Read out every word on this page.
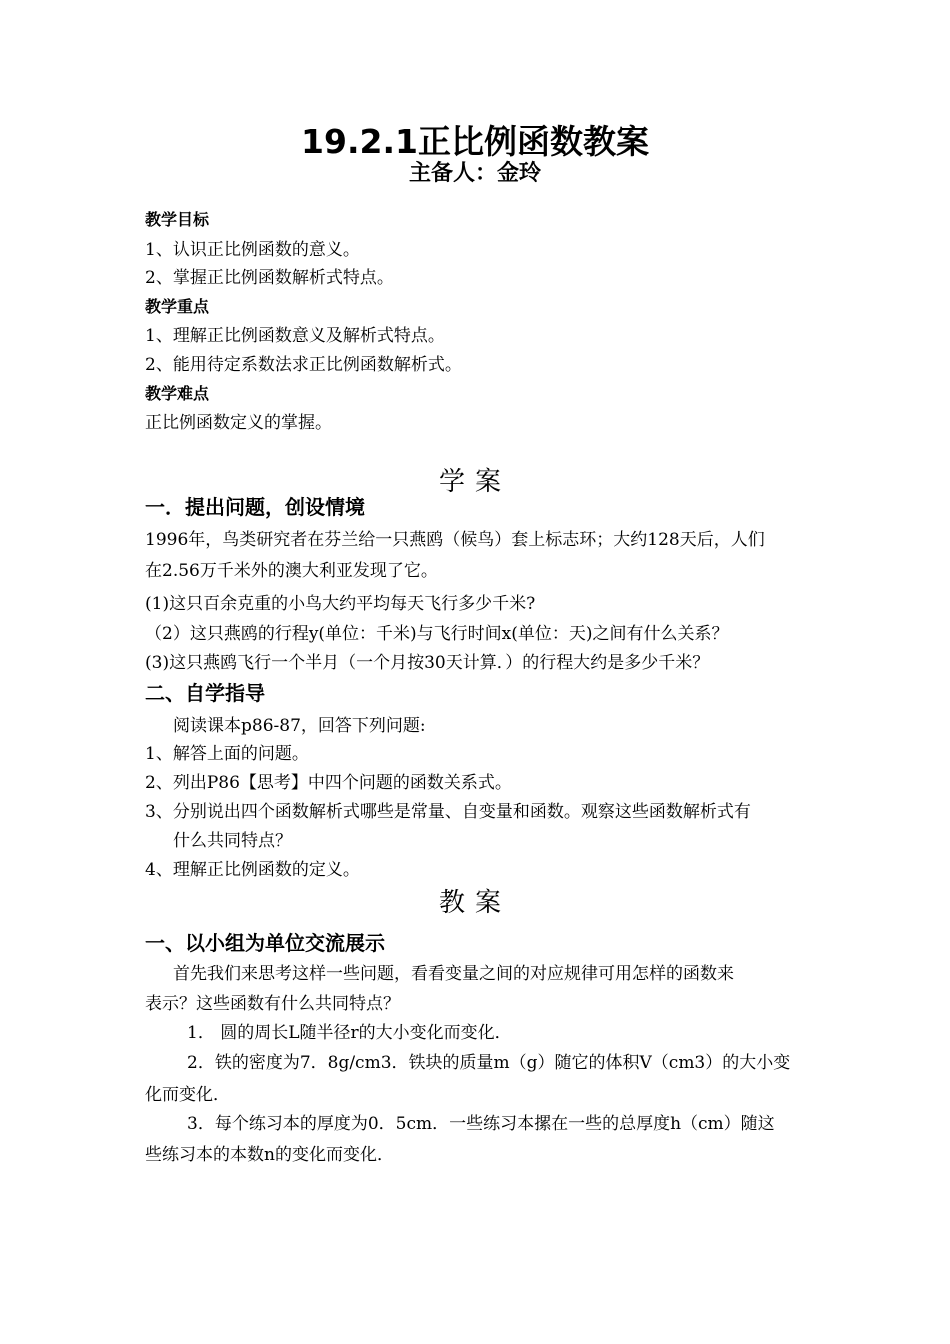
19.2.1正比例函数教案
主备人：金玲
教学目标
1、认识正比例函数的意义。
2、掌握正比例函数解析式特点。
教学重点
1、理解正比例函数意义及解析式特点。
2、能用待定系数法求正比例函数解析式。
教学难点
正比例函数定义的掌握。
学案
一．提出问题，创设情境
1996年，鸟类研究者在芬兰给一只燕鸥（候鸟）套上标志环；大约128天后，人们
在2.56万千米外的澳大利亚发现了它。
(1)这只百余克重的小鸟大约平均每天飞行多少千米?
（2）这只燕鸥的行程y(单位：千米)与飞行时间x(单位：天)之间有什么关系？
(3)这只燕鸥飞行一个半月（一个月按30天计算．）的行程大约是多少千米？
二、自学指导
阅读课本p86-87，回答下列问题:
1、解答上面的问题。
2、列出P86【思考】中四个问题的函数关系式。
3、分别说出四个函数解析式哪些是常量、自变量和函数。观察这些函数解析式有
什么共同特点？
4、理解正比例函数的定义。
教案
一、以小组为单位交流展示
首先我们来思考这样一些问题，看看变量之间的对应规律可用怎样的函数来
表示？这些函数有什么共同特点？
1． 圆的周长L随半径r的大小变化而变化．
2．铁的密度为7．8g/cm3．铁块的质量m（g）随它的体积V（cm3）的大小变
化而变化．
3．每个练习本的厚度为0．5cm．一些练习本摞在一些的总厚度h（cm）随这
些练习本的本数n的变化而变化．
